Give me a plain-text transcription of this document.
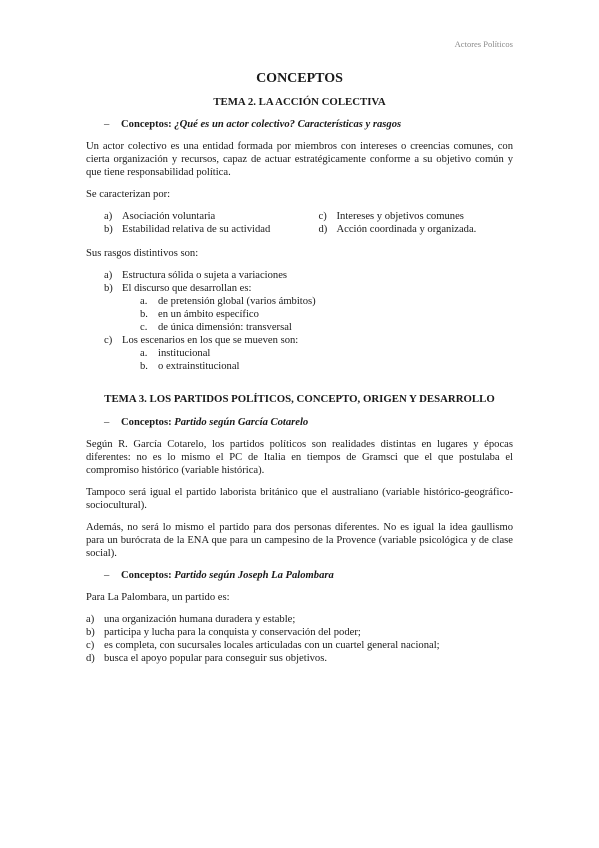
Actores Políticos
CONCEPTOS
TEMA 2. LA ACCIÓN COLECTIVA
–	Conceptos: ¿Qué es un actor colectivo? Características y rasgos

Un actor colectivo es una entidad formada por miembros con intereses o creencias comunes, con cierta organización y recursos, capaz de actuar estratégicamente conforme a su objetivo común y que tiene responsabilidad política.

Se caracterizan por:

a) Asociación voluntaria
b) Estabilidad relativa de su actividad
c) Intereses y objetivos comunes
d) Acción coordinada y organizada.

Sus rasgos distintivos son:

a) Estructura sólida o sujeta a variaciones
b) El discurso que desarrollan es:
a.	de pretensión global (varios ámbitos)
b. en un ámbito específico
c.	de única dimensión: transversal
c) Los escenarios en los que se mueven son:
a.	institucional
b. o extrainstitucional
TEMA 3. LOS PARTIDOS POLÍTICOS, CONCEPTO, ORIGEN Y DESARROLLO
–	Conceptos: Partido según García Cotarelo

Según R. García Cotarelo, los partidos políticos son realidades distintas en lugares y épocas diferentes: no es lo mismo el PC de Italia en tiempos de Gramsci que el que postulaba el compromiso histórico (variable histórica).

Tampoco será igual el partido laborista británico que el australiano (variable histórico-geográfico-sociocultural).

Además, no será lo mismo el partido para dos personas diferentes. No es igual la idea gaullismo para un burócrata de la ENA que para un campesino de la Provence (variable psicológica y de clase social).

–	Conceptos: Partido según Joseph La Palombara

Para La Palombara, un partido es:

a) una organización humana duradera y estable;
b) participa y lucha para la conquista y conservación del poder;
c) es completa, con sucursales locales articuladas con un cuartel general nacional;
d) busca el apoyo popular para conseguir sus objetivos.
